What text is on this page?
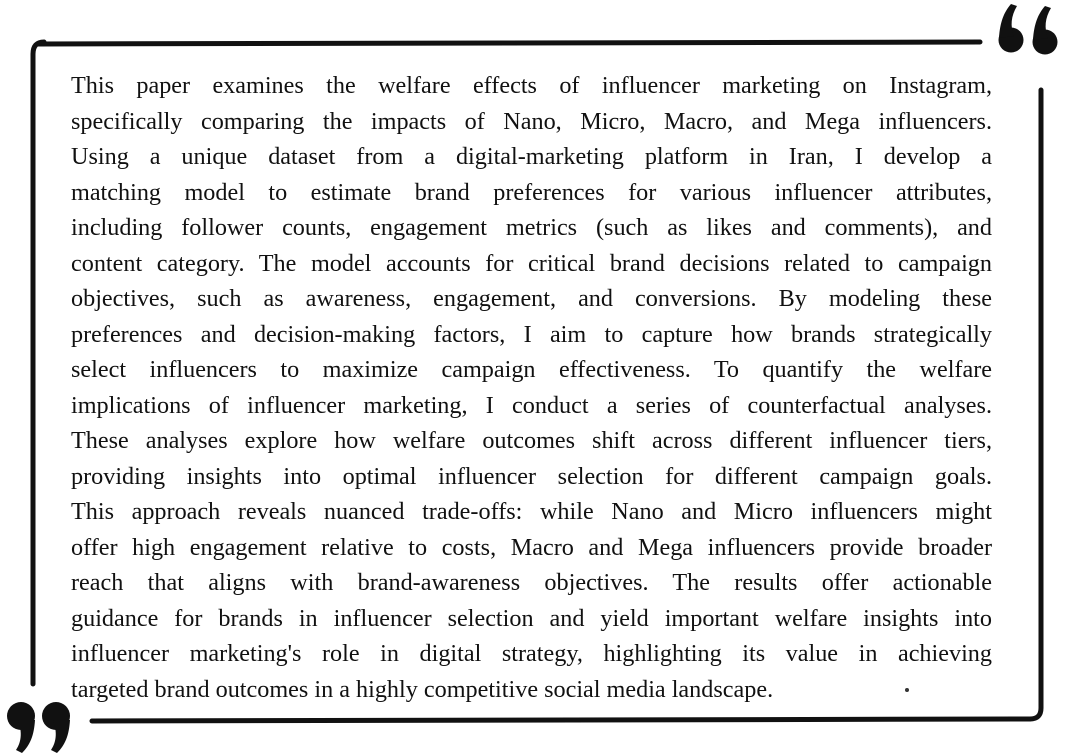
This paper examines the welfare effects of influencer marketing on Instagram,
specifically comparing the impacts of Nano, Micro, Macro, and Mega influencers.
Using a unique dataset from a digital-marketing platform in Iran, I develop a
matching model to estimate brand preferences for various influencer attributes,
including follower counts, engagement metrics (such as likes and comments), and
content category. The model accounts for critical brand decisions related to campaign
objectives, such as awareness, engagement, and conversions. By modeling these
preferences and decision-making factors, I aim to capture how brands strategically
select influencers to maximize campaign effectiveness. To quantify the welfare
implications of influencer marketing, I conduct a series of counterfactual analyses.
These analyses explore how welfare outcomes shift across different influencer tiers,
providing insights into optimal influencer selection for different campaign goals.
This approach reveals nuanced trade-offs: while Nano and Micro influencers might
offer high engagement relative to costs, Macro and Mega influencers provide broader
reach that aligns with brand-awareness objectives. The results offer actionable
guidance for brands in influencer selection and yield important welfare insights into
influencer marketing's role in digital strategy, highlighting its value in achieving
targeted brand outcomes in a highly competitive social media landscape.
